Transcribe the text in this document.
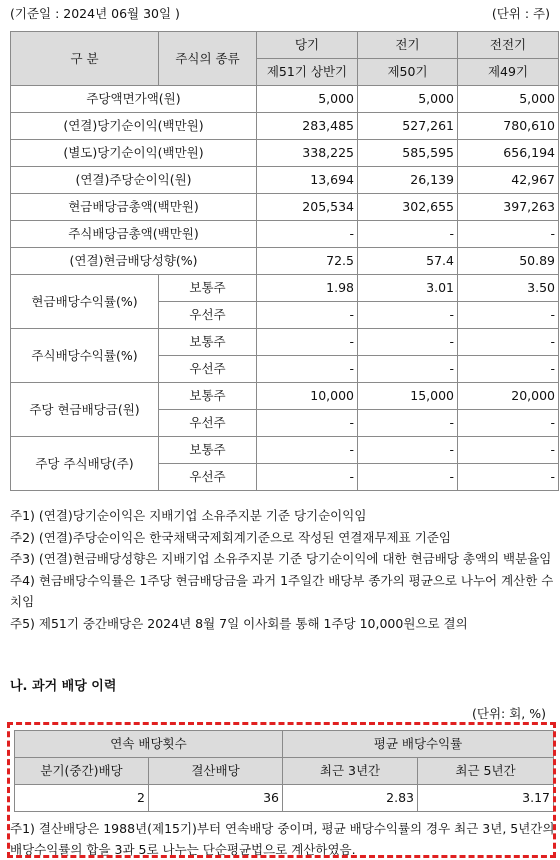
(기준일 : 2024년 06월 30일 )	(단위 : 주)
구 분	주식의 종류	당기	전기	전전기
		제51기 상반기	제50기	제49기
주당액면가액(원)		5,000	5,000	5,000
(연결)당기순이익(백만원)		283,485	527,261	780,610
(별도)당기순이익(백만원)		338,225	585,595	656,194
(연결)주당순이익(원)		13,694	26,139	42,967
현금배당금총액(백만원)		205,534	302,655	397,263
주식배당금총액(백만원)		-	-	-
(연결)현금배당성향(%)		72.5	57.4	50.89
현금배당수익률(%)	보통주	1.98	3.01	3.50
	우선주	-	-	-
주식배당수익률(%)	보통주	-	-	-
	우선주	-	-	-
주당 현금배당금(원)	보통주	10,000	15,000	20,000
	우선주	-	-	-
주당 주식배당(주)	보통주	-	-	-
	우선주	-	-	-
주1) (연결)당기순이익은 지배기업 소유주지분 기준 당기순이익임
주2) (연결)주당순이익은 한국채택국제회계기준으로 작성된 연결재무제표 기준임
주3) (연결)현금배당성향은 지배기업 소유주지분 기준 당기순이익에 대한 현금배당 총액의 백분율임
주4) 현금배당수익률은 1주당 현금배당금을 과거 1주일간 배당부 종가의 평균으로 나누어 계산한 수치임
주5) 제51기 중간배당은 2024년 8월 7일 이사회를 통해 1주당 10,000원으로 결의
나. 과거 배당 이력
(단위: 회, %)
연속 배당횟수		평균 배당수익률	
분기(중간)배당	결산배당	최근 3년간	최근 5년간
2	36	2.83	3.17
주1) 결산배당은 1988년(제15기)부터 연속배당 중이며, 평균 배당수익률의 경우 최근 3년, 5년간의 배당수익률의 합을 3과 5로 나누는 단순평균법으로 계산하였음.
